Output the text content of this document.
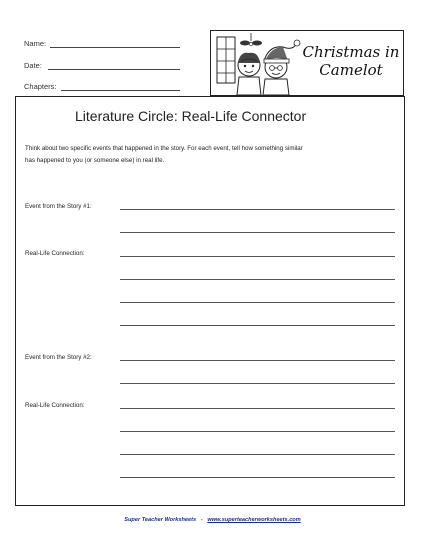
Name:
Date:
Chapters:
Christmas in
Camelot
Literature Circle: Real-Life Connector
Think about two specific events that happened in the story. For each event, tell how something similar
has happened to you (or someone else) in real life.
Event from the Story #1:
Real-Life Connection:
Event from the Story #2:
Real-Life Connection:
Super Teacher Worksheets - www.superteacherworksheets.com
